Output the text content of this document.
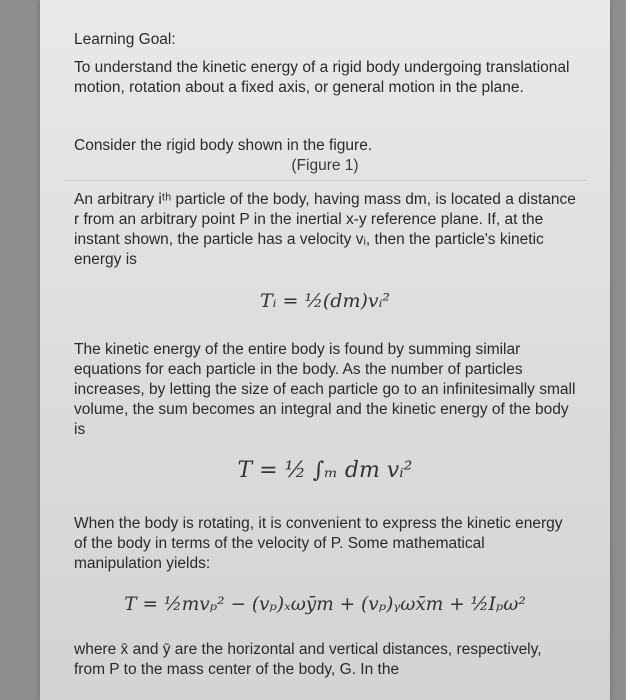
Learning Goal:

To understand the kinetic energy of a rigid body undergoing translational motion, rotation about a fixed axis, or general motion in the plane.

Consider the rigid body shown in the figure.

(Figure 1)

An arbitrary iᵗʰ particle of the body, having mass dm, is located a distance r from an arbitrary point P in the inertial x-y reference plane. If, at the instant shown, the particle has a velocity vᵢ, then the particle's kinetic energy is

Tᵢ = ½(dm)vᵢ²

The kinetic energy of the entire body is found by summing similar equations for each particle in the body. As the number of particles increases, by letting the size of each particle go to an infinitesimally small volume, the sum becomes an integral and the kinetic energy of the body is

T = ½ ∫ₘ dm vᵢ²

When the body is rotating, it is convenient to express the kinetic energy of the body in terms of the velocity of P. Some mathematical manipulation yields:

T = ½mvₚ² − (vₚ)ₓωȳm + (vₚ)ᵧωx̄m + ½Iₚω²

where x̄ and ȳ are the horizontal and vertical distances, respectively, from P to the mass center of the body, G. In the
